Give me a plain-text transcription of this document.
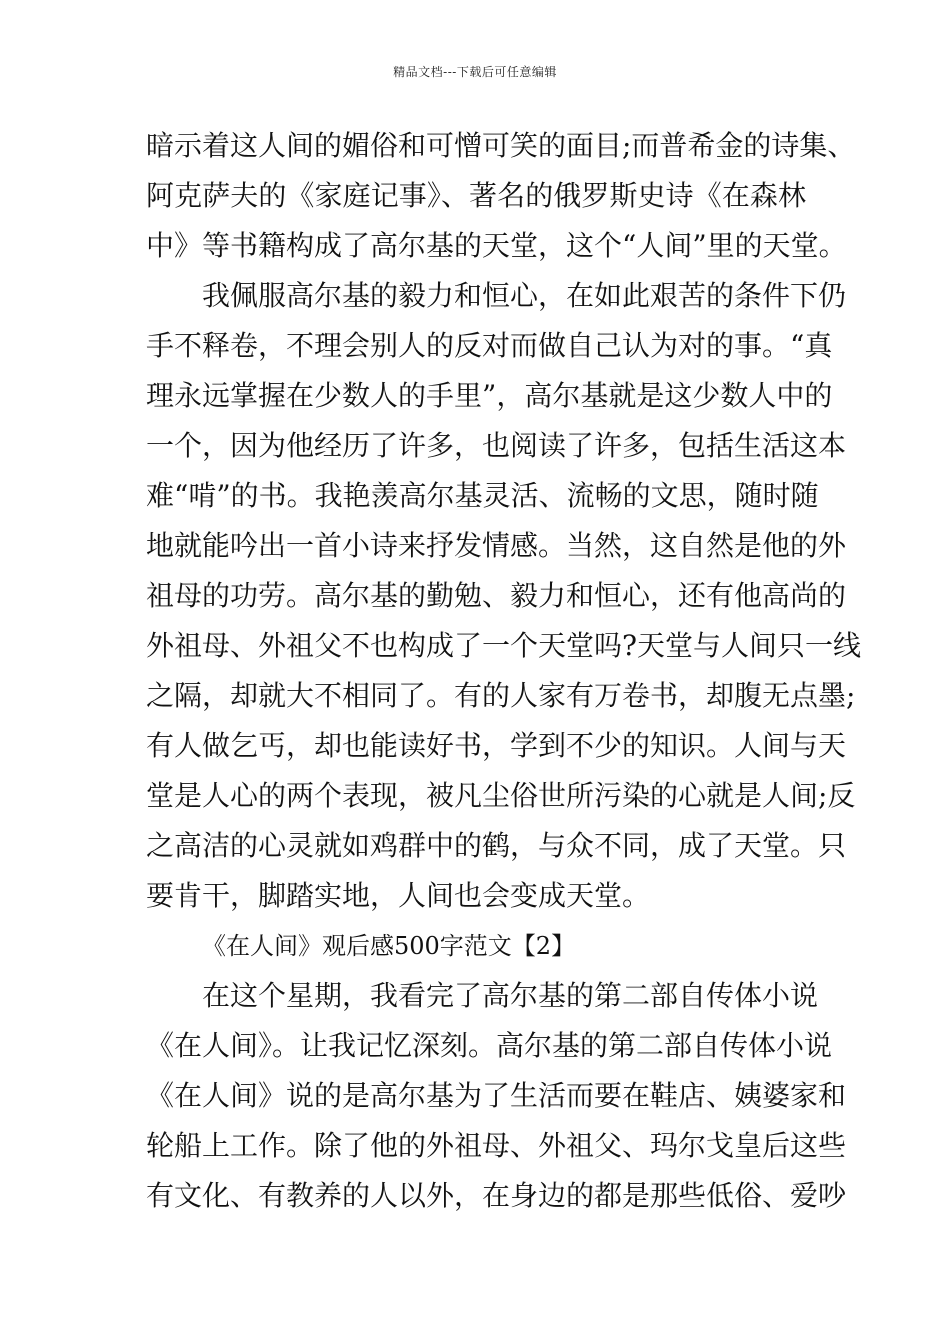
精品文档---下载后可任意编辑
暗示着这人间的媚俗和可憎可笑的面目;而普希金的诗集、
阿克萨夫的《家庭记事》、著名的俄罗斯史诗《在森林
中》等书籍构成了高尔基的天堂，这个“人间”里的天堂。
我佩服高尔基的毅力和恒心，在如此艰苦的条件下仍
手不释卷，不理会别人的反对而做自己认为对的事。“真
理永远掌握在少数人的手里”，高尔基就是这少数人中的
一个，因为他经历了许多，也阅读了许多，包括生活这本
难“啃”的书。我艳羡高尔基灵活、流畅的文思，随时随
地就能吟出一首小诗来抒发情感。当然，这自然是他的外
祖母的功劳。高尔基的勤勉、毅力和恒心，还有他高尚的
外祖母、外祖父不也构成了一个天堂吗?天堂与人间只一线
之隔，却就大不相同了。有的人家有万卷书，却腹无点墨;
有人做乞丐，却也能读好书，学到不少的知识。人间与天
堂是人心的两个表现，被凡尘俗世所污染的心就是人间;反
之高洁的心灵就如鸡群中的鹤，与众不同，成了天堂。只
要肯干，脚踏实地，人间也会变成天堂。
《在人间》观后感500字范文【2】
在这个星期，我看完了高尔基的第二部自传体小说
《在人间》。让我记忆深刻。高尔基的第二部自传体小说
《在人间》说的是高尔基为了生活而要在鞋店、姨婆家和
轮船上工作。除了他的外祖母、外祖父、玛尔戈皇后这些
有文化、有教养的人以外，在身边的都是那些低俗、爱吵
